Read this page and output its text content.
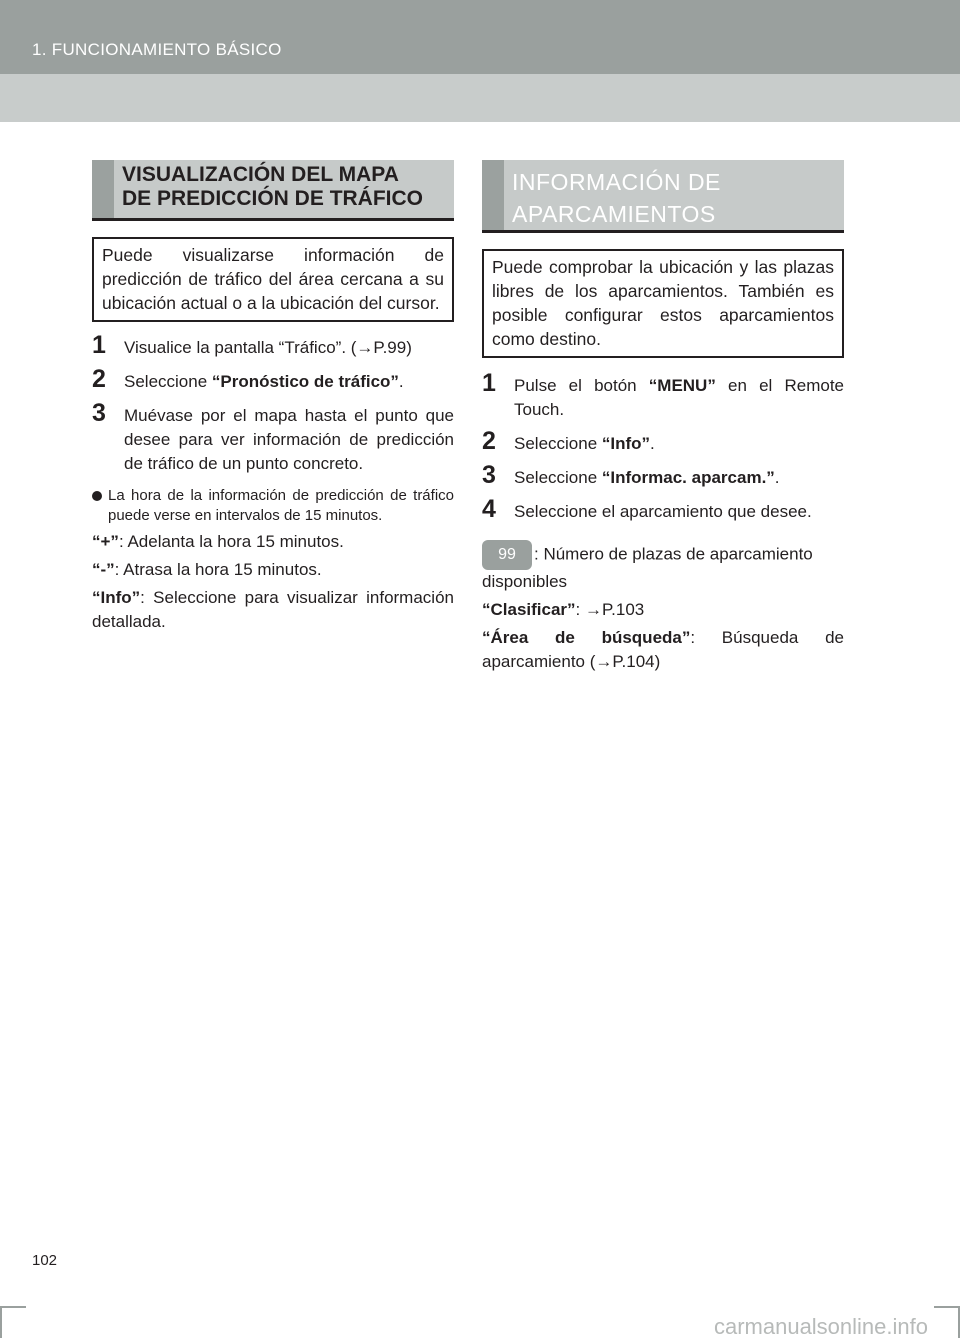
1. FUNCIONAMIENTO BÁSICO
VISUALIZACIÓN DEL MAPA
DE PREDICCIÓN DE TRÁFICO
Puede visualizarse información de predicción de tráfico del área cercana a su ubicación actual o a la ubicación del cursor.
1 Visualice la pantalla “Tráfico”. (→P.99)
2 Seleccione “Pronóstico de tráfico”.
3 Muévase por el mapa hasta el punto que desee para ver información de predicción de tráfico de un punto concreto.
La hora de la información de predicción de tráfico puede verse en intervalos de 15 minutos.
“+”: Adelanta la hora 15 minutos.
“-”: Atrasa la hora 15 minutos.
“Info”: Seleccione para visualizar información detallada.
INFORMACIÓN DE
APARCAMIENTOS
Puede comprobar la ubicación y las plazas libres de los aparcamientos. También es posible configurar estos aparcamientos como destino.
1 Pulse el botón “MENU” en el Remote Touch.
2 Seleccione “Info”.
3 Seleccione “Informac. aparcam.”.
4 Seleccione el aparcamiento que desee.
99 : Número de plazas de aparcamiento disponibles
“Clasificar”: →P.103
“Área de búsqueda”: Búsqueda de aparcamiento (→P.104)
102
carmanualsonline.info
